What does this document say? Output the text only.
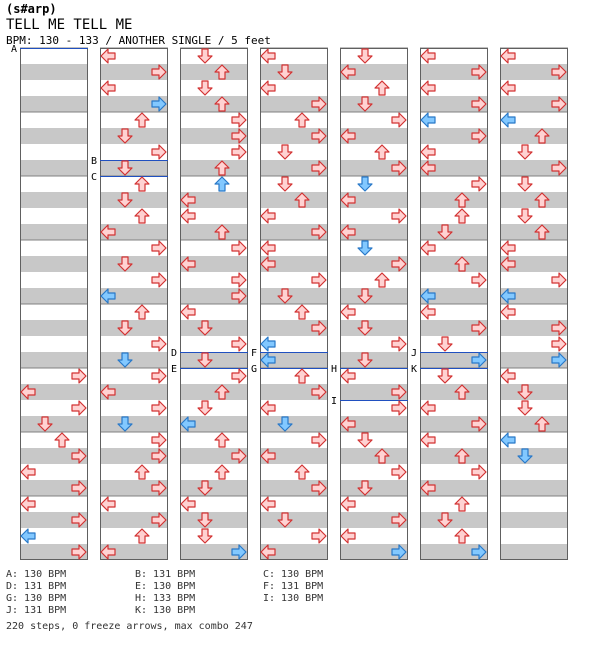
(s#arp)
TELL ME TELL ME
BPM: 130 - 133 / ANOTHER SINGLE / 5 feet
A
B
C
D
E
F
G	H
I
J
K
A: 130 BPM	B: 131 BPM	C: 130 BPM
D: 131 BPM	E: 130 BPM	F: 131 BPM
G: 130 BPM	H: 133 BPM	I: 130 BPM
J: 131 BPM	K: 130 BPM
220 steps, 0 freeze arrows, max combo 247
